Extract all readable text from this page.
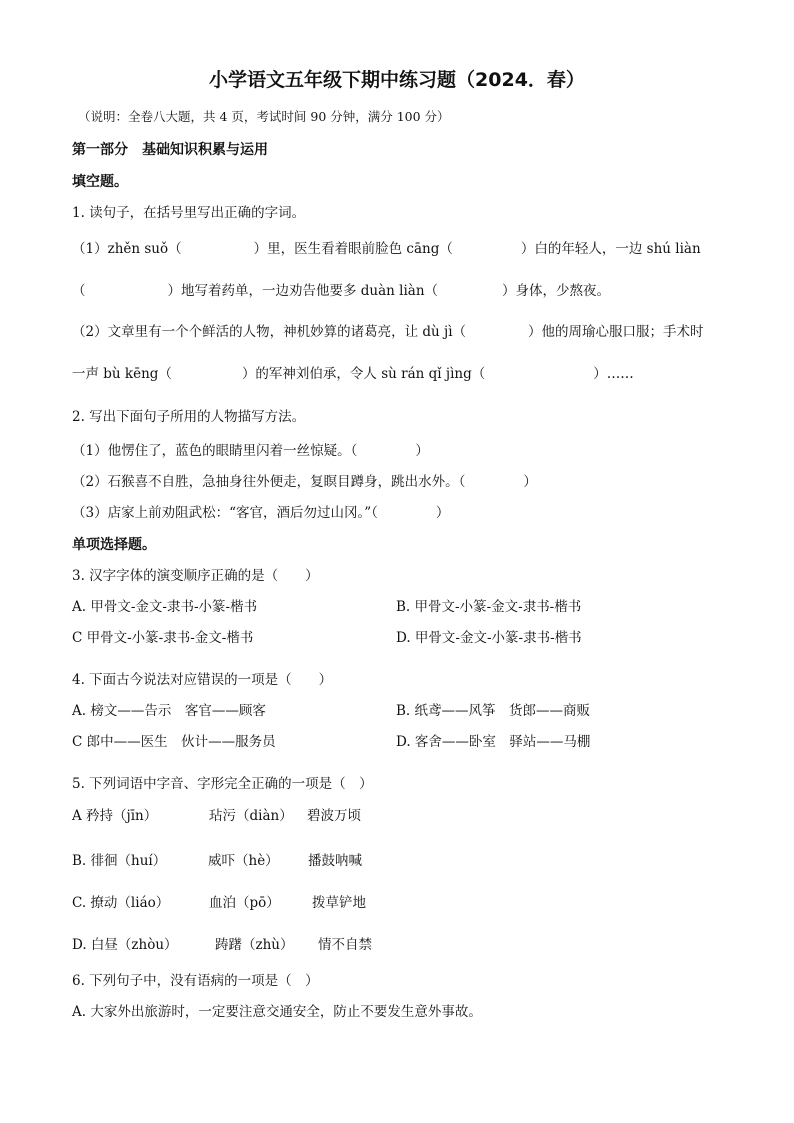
小学语文五年级下期中练习题（2024．春）
（说明：全卷八大题，共 4 页，考试时间 90 分钟，满分 100 分）
第一部分　基础知识积累与运用
填空题。
1. 读句子，在括号里写出正确的字词。
（1）zhěn suǒ（	）里，医生看着眼前脸色 cāng（	）白的年轻人，一边 shú liàn
（	）地写着药单，一边劝告他要多 duàn liàn（	）身体，少熬夜。
（2）文章里有一个个鲜活的人物，神机妙算的诸葛亮，让 dù jì（	）他的周瑜心服口服；手术时
一声 bù kēng（	）的军神刘伯承，令人 sù rán qǐ jìng（	）……
2. 写出下面句子所用的人物描写方法。
（1）他愣住了，蓝色的眼睛里闪着一丝惊疑。（	）
（2）石猴喜不自胜，急抽身往外便走，复瞑目蹲身，跳出水外。（	）
（3）店家上前劝阻武松：“客官，酒后勿过山冈。”（	）
单项选择题。
3. 汉字字体的演变顺序正确的是（　　）
A. 甲骨文-金文-隶书-小篆-楷书	B. 甲骨文-小篆-金文-隶书-楷书
C 甲骨文-小篆-隶书-金文-楷书	D. 甲骨文-金文-小篆-隶书-楷书
4. 下面古今说法对应错误的一项是（　　）
A. 榜文——告示　客官——顾客	B. 纸鸢——风筝　货郎——商贩
C 郎中——医生　伙计——服务员	D. 客舍——卧室　驿站——马棚
5. 下列词语中字音、字形完全正确的一项是（　）
A 矜持（jīn）	玷污（diàn） 碧波万顷
B. 徘徊（huí）	威吓（hè） 播鼓呐喊
C. 撩动（liáo）	血泊（pō） 拨草铲地
D. 白昼（zhòu）	踌躇（zhù） 情不自禁
6. 下列句子中，没有语病的一项是（　）
A. 大家外出旅游时，一定要注意交通安全，防止不要发生意外事故。
